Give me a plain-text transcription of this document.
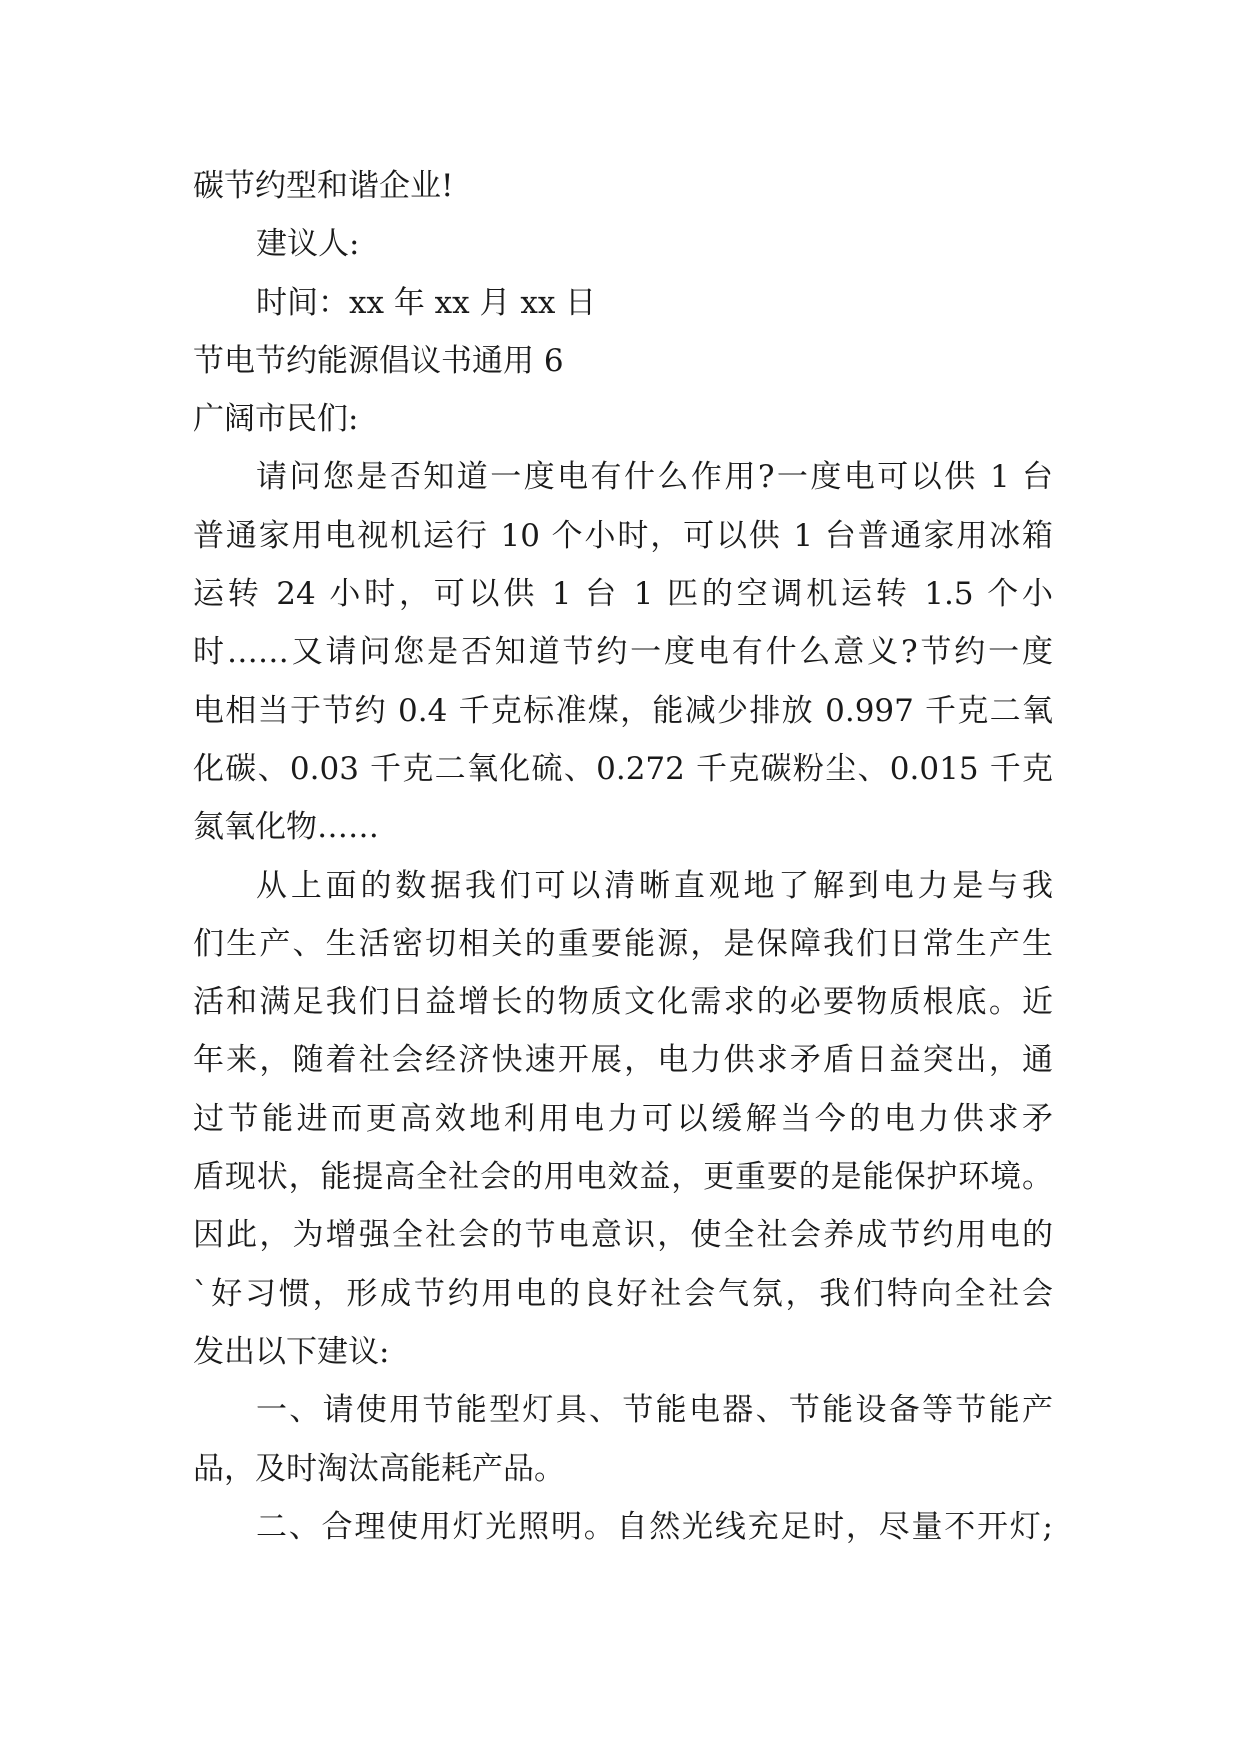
碳节约型和谐企业!
建议人:
时间：xx 年 xx 月 xx 日
节电节约能源倡议书通用 6
广阔市民们:
请问您是否知道一度电有什么作用?一度电可以供 1 台
普通家用电视机运行 10 个小时，可以供 1 台普通家用冰箱
运转 24 小时，可以供 1 台 1 匹的空调机运转 1.5 个小
时……又请问您是否知道节约一度电有什么意义?节约一度
电相当于节约 0.4 千克标准煤，能减少排放 0.997 千克二氧
化碳、0.03 千克二氧化硫、0.272 千克碳粉尘、0.015 千克
氮氧化物……
从上面的数据我们可以清晰直观地了解到电力是与我
们生产、生活密切相关的重要能源，是保障我们日常生产生
活和满足我们日益增长的物质文化需求的必要物质根底。近
年来，随着社会经济快速开展，电力供求矛盾日益突出，通
过节能进而更高效地利用电力可以缓解当今的电力供求矛
盾现状，能提高全社会的用电效益，更重要的是能保护环境。
因此，为增强全社会的节电意识，使全社会养成节约用电的
`好习惯，形成节约用电的良好社会气氛，我们特向全社会
发出以下建议:
一、请使用节能型灯具、节能电器、节能设备等节能产
品，及时淘汰高能耗产品。
二、合理使用灯光照明。自然光线充足时，尽量不开灯;
